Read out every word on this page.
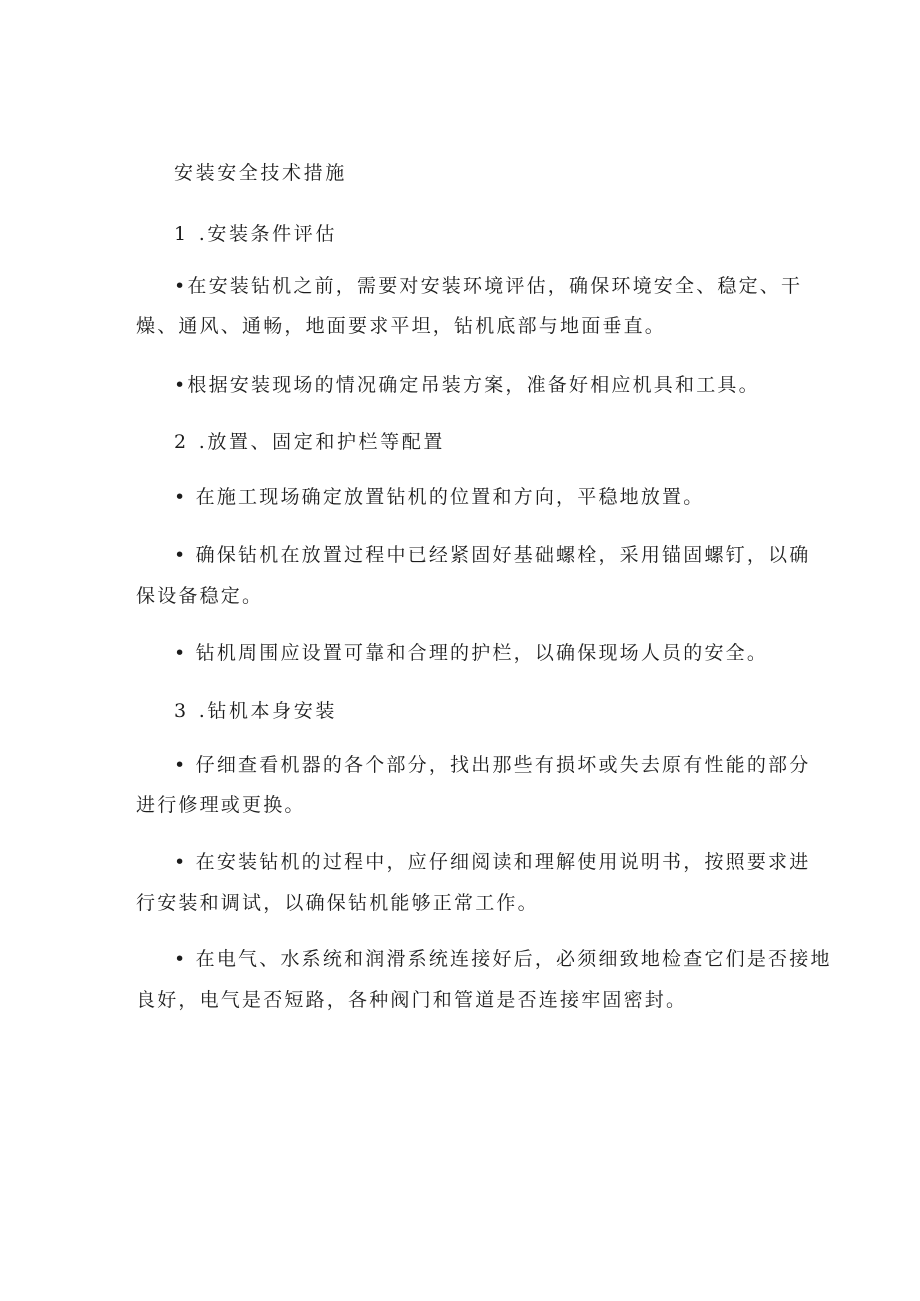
安装安全技术措施
1 .安装条件评估
•在安装钻机之前，需要对安装环境评估，确保环境安全、稳定、干
燥、通风、通畅，地面要求平坦，钻机底部与地面垂直。
•根据安装现场的情况确定吊装方案，准备好相应机具和工具。
2 .放置、固定和护栏等配置
• 在施工现场确定放置钻机的位置和方向，平稳地放置。
• 确保钻机在放置过程中已经紧固好基础螺栓，采用锚固螺钉，以确
保设备稳定。
• 钻机周围应设置可靠和合理的护栏，以确保现场人员的安全。
3 .钻机本身安装
• 仔细查看机器的各个部分，找出那些有损坏或失去原有性能的部分
进行修理或更换。
• 在安装钻机的过程中，应仔细阅读和理解使用说明书，按照要求进
行安装和调试，以确保钻机能够正常工作。
• 在电气、水系统和润滑系统连接好后，必须细致地检查它们是否接地
良好，电气是否短路，各种阀门和管道是否连接牢固密封。
